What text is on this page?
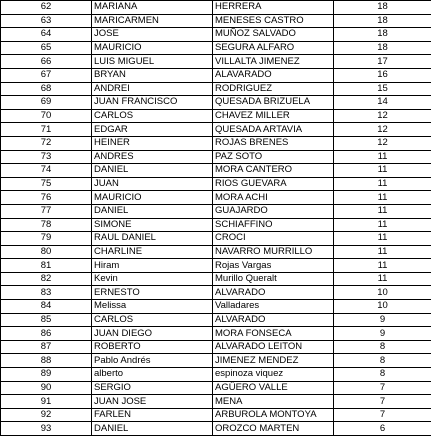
62	MARIANA	HERRERA	18
63	MARICARMEN	MENESES CASTRO	18
64	JOSE	MUÑOZ SALVADO	18
65	MAURICIO	SEGURA ALFARO	18
66	LUIS MIGUEL	VILLALTA JIMENEZ	17
67	BRYAN	ALAVARADO	16
68	ANDREI	RODRIGUEZ	15
69	JUAN FRANCISCO	QUESADA BRIZUELA	14
70	CARLOS	CHAVEZ MILLER	12
71	EDGAR	QUESADA ARTAVIA	12
72	HEINER	ROJAS BRENES	12
73	ANDRES	PAZ SOTO	11
74	DANIEL	MORA CANTERO	11
75	JUAN	RIOS GUEVARA	11
76	MAURICIO	MORA ACHI	11
77	DANIEL	GUAJARDO	11
78	SIMONE	SCHIAFFINO	11
79	RAUL DANIEL	CROCI	11
80	CHARLINE	NAVARRO MURRILLO	11
81	Hiram	Rojas Vargas	11
82	Kevin	Murillo Queralt	11
83	ERNESTO	ALVARADO	10
84	Melissa	Valladares	10
85	CARLOS	ALVARADO	9
86	JUAN DIEGO	MORA FONSECA	9
87	ROBERTO	ALVARADO LEITON	8
88	Pablo Andrés	JIMENEZ MENDEZ	8
89	alberto	espinoza viquez	8
90	SERGIO	AGÜERO VALLE	7
91	JUAN JOSE	MENA	7
92	FARLEN	ARBUROLA MONTOYA	7
93	DANIEL	OROZCO MARTEN	6
